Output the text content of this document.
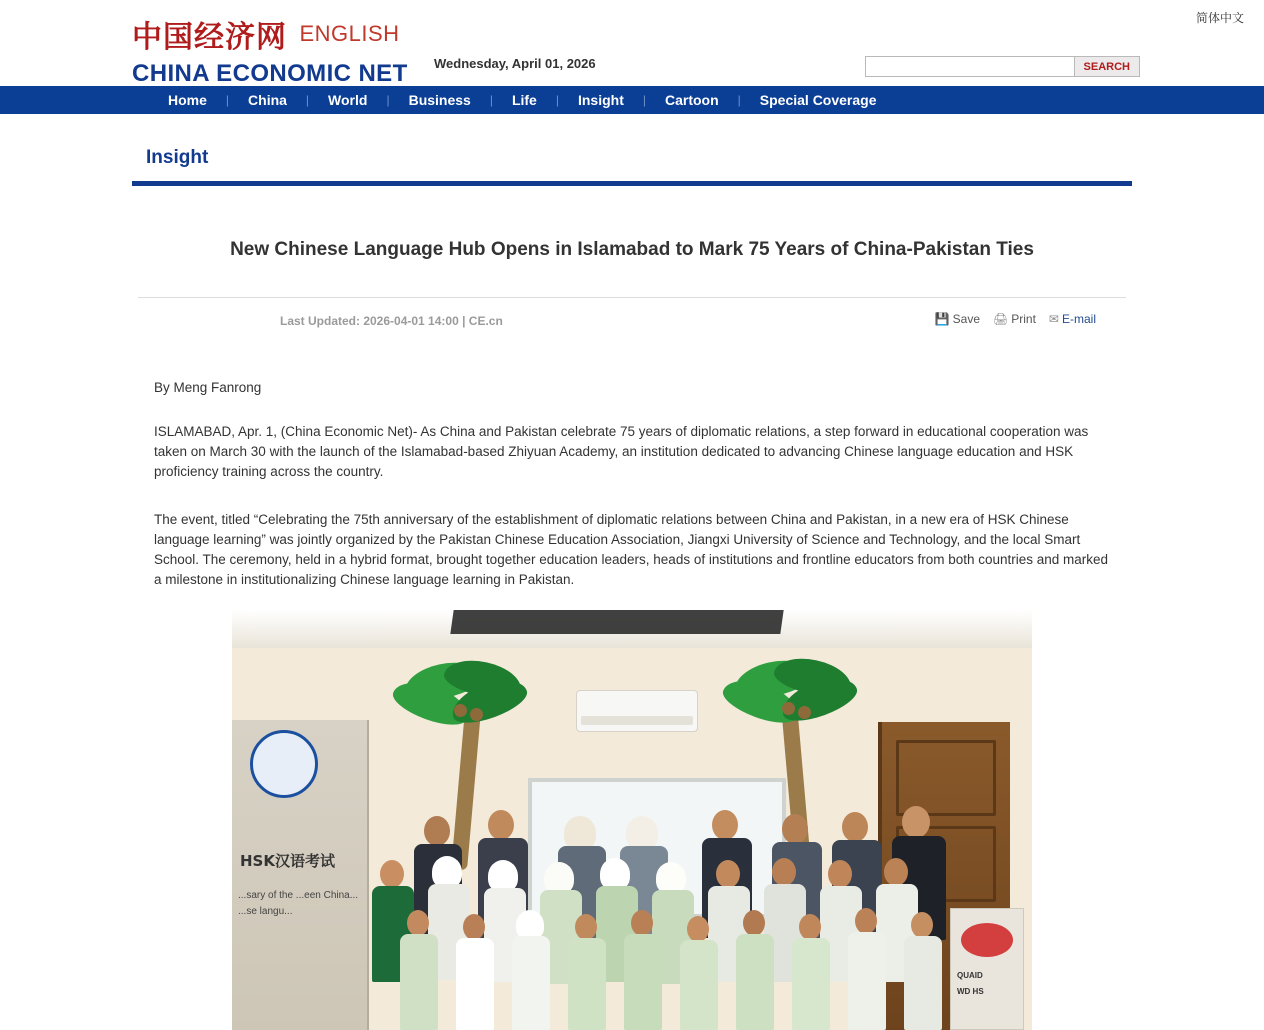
简体中文
中国经济网 ENGLISH
CHINA ECONOMIC NET	Wednesday, April 01, 2026	SEARCH
Home	|	China	|	World	|	Business	|	Life	|	Insight	|	Cartoon	|	Special Coverage
Insight
New Chinese Language Hub Opens in Islamabad to Mark 75 Years of China-Pakistan Ties
Last Updated: 2026-04-01 14:00 | CE.cn	💾 Save 🖨 Print ✉ E-mail
By Meng Fanrong

ISLAMABAD, Apr. 1, (China Economic Net)- As China and Pakistan celebrate 75 years of diplomatic relations, a step forward in educational cooperation was taken on March 30 with the launch of the Islamabad-based Zhiyuan Academy, an institution dedicated to advancing Chinese language education and HSK proficiency training across the country.

The event, titled “Celebrating the 75th anniversary of the establishment of diplomatic relations between China and Pakistan, in a new era of HSK Chinese language learning” was jointly organized by the Pakistan Chinese Education Association, Jiangxi University of Science and Technology, and the local Smart School. The ceremony, held in a hybrid format, brought together education leaders, heads of institutions and frontline educators from both countries and marked a milestone in institutionalizing Chinese language learning in Pakistan.

HSK汉语考试
...sary of the ...een China... ...se langu...
QUAID
WD HS
